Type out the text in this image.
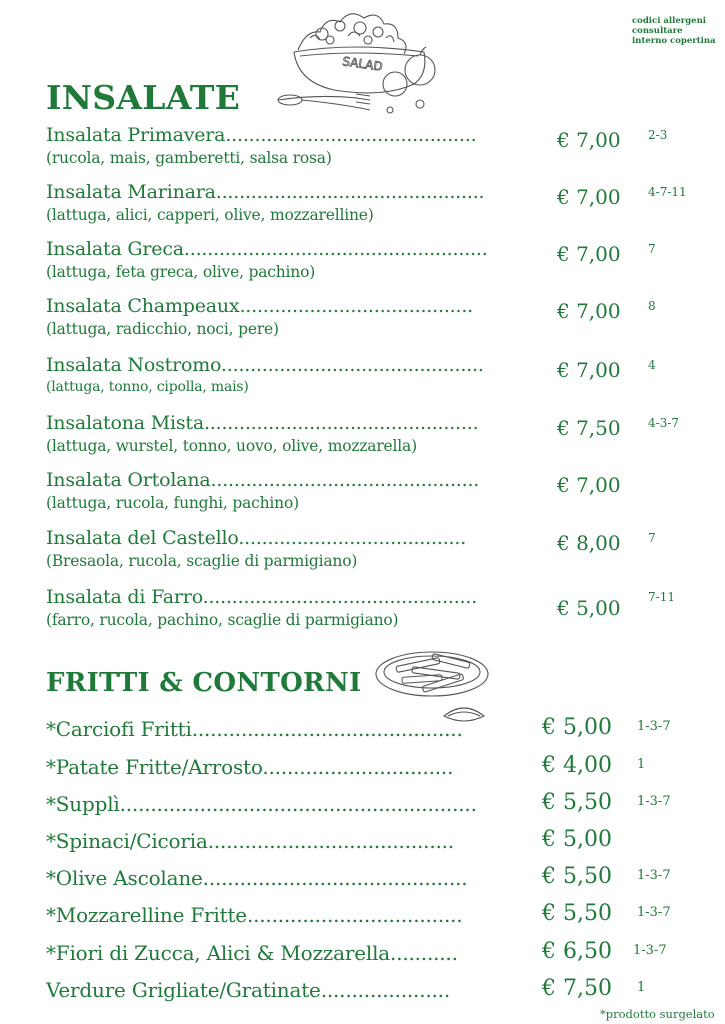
codici allergeni
consultare
interno copertina
SALAD
INSALATE
Insalata Primavera...........................................
(rucola, mais, gamberetti, salsa rosa)
€ 7,00 2-3
Insalata Marinara..............................................
(lattuga, alici, capperi, olive, mozzarelline)
€ 7,00 4-7-11
Insalata Greca....................................................
(lattuga, feta greca, olive, pachino)
€ 7,00 7
Insalata Champeaux........................................
(lattuga, radicchio, noci, pere)
€ 7,00 8
Insalata Nostromo.............................................
(lattuga, tonno, cipolla, mais)
€ 7,00 4
Insalatona Mista...............................................
(lattuga, wurstel, tonno, uovo, olive, mozzarella)
€ 7,50 4-3-7
Insalata Ortolana..............................................
(lattuga, rucola, funghi, pachino)
€ 7,00
Insalata del Castello.......................................
(Bresaola, rucola, scaglie di parmigiano)
€ 8,00 7
Insalata di Farro...............................................
(farro, rucola, pachino, scaglie di parmigiano)	€ 5,00 7-11
FRITTI & CONTORNI
*Carciofi Fritti............................................	€ 5,00 1-3-7
*Patate Fritte/Arrosto...............................	€ 4,00 1
*Supplì..........................................................	€ 5,50 1-3-7
*Spinaci/Cicoria........................................	€ 5,00
*Olive Ascolane...........................................	€ 5,50 1-3-7
*Mozzarelline Fritte...................................	€ 5,50 1-3-7
*Fiori di Zucca, Alici & Mozzarella...........	€ 6,50 1-3-7
Verdure Grigliate/Gratinate.....................	€ 7,50 1
*prodotto surgelato
